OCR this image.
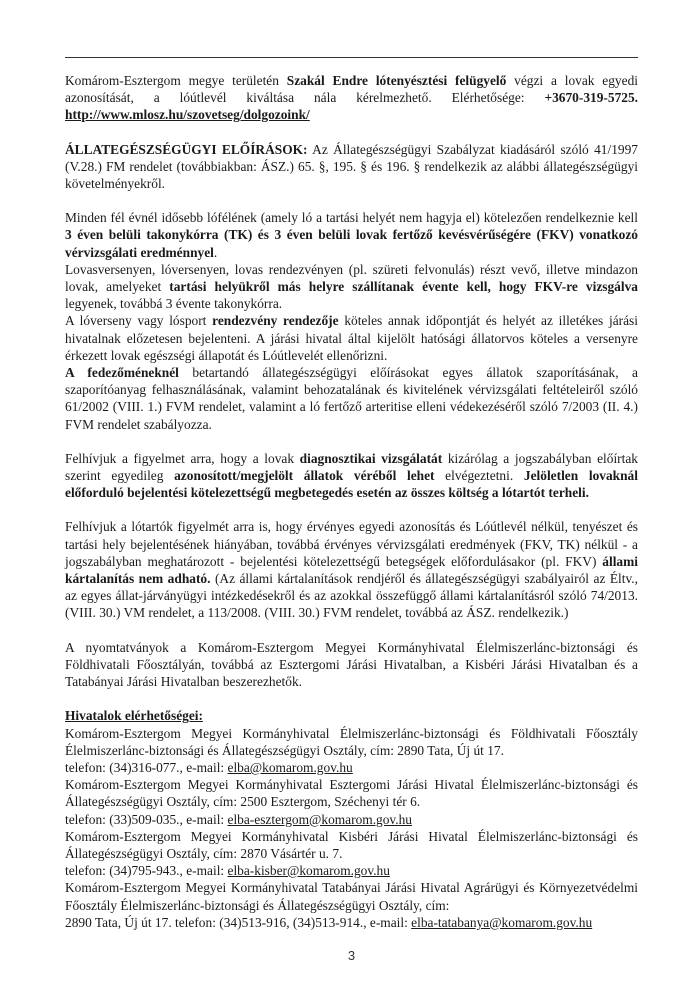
Komárom-Esztergom megye területén Szakál Endre lótenyésztési felügyelő végzi a lovak egyedi azonosítását, a lóútlevél kiváltása nála kérelmezhető. Elérhetősége: +3670-319-5725. http://www.mlosz.hu/szovetseg/dolgozoink/

ÁLLATEGÉSZSÉGÜGYI ELŐÍRÁSOK: Az Állategészségügyi Szabályzat kiadásáról szóló 41/1997 (V.28.) FM rendelet (továbbiakban: ÁSZ.) 65. §, 195. § és 196. § rendelkezik az alábbi állategészségügyi követelményekről.

Minden fél évnél idősebb lófélének (amely ló a tartási helyét nem hagyja el) kötelezően rendelkeznie kell 3 éven belüli takonykórra (TK) és 3 éven belüli lovak fertőző kevésvérűségére (FKV) vonatkozó vérvizsgálati eredménnyel.

Lovasversenyen, lóversenyen, lovas rendezvényen (pl. szüreti felvonulás) részt vevő, illetve mindazon lovak, amelyeket tartási helyükről más helyre szállítanak évente kell, hogy FKV-re vizsgálva legyenek, továbbá 3 évente takonykórra.

A lóverseny vagy lósport rendezvény rendezője köteles annak időpontját és helyét az illetékes járási hivatalnak előzetesen bejelenteni. A járási hivatal által kijelölt hatósági állatorvos köteles a versenyre érkezett lovak egészségi állapotát és Lóútlevelét ellenőrizni.

A fedezőméneknél betartandó állategészségügyi előírásokat egyes állatok szaporításának, a szaporítóanyag felhasználásának, valamint behozatalának és kivitelének vérvizsgálati feltételeiről szóló 61/2002 (VIII. 1.) FVM rendelet, valamint a ló fertőző arteritise elleni védekezéséről szóló 7/2003 (II. 4.) FVM rendelet szabályozza.

Felhívjuk a figyelmet arra, hogy a lovak diagnosztikai vizsgálatát kizárólag a jogszabályban előírtak szerint egyedileg azonosított/megjelölt állatok véréből lehet elvégeztetni. Jelöletlen lovaknál előforduló bejelentési kötelezettségű megbetegedés esetén az összes költség a lótartót terheli.

Felhívjuk a lótartók figyelmét arra is, hogy érvényes egyedi azonosítás és Lóútlevél nélkül, tenyészet és tartási hely bejelentésének hiányában, továbbá érvényes vérvizsgálati eredmények (FKV, TK) nélkül - a jogszabályban meghatározott - bejelentési kötelezettségű betegségek előfordulásakor (pl. FKV) állami kártalanítás nem adható. (Az állami kártalanítások rendjéről és állategészségügyi szabályairól az Éltv., az egyes állat-járványügyi intézkedésekről és az azokkal összefüggő állami kártalanításról szóló 74/2013. (VIII. 30.) VM rendelet, a 113/2008. (VIII. 30.) FVM rendelet, továbbá az ÁSZ. rendelkezik.)

A nyomtatványok a Komárom-Esztergom Megyei Kormányhivatal Élelmiszerlánc-biztonsági és Földhivatali Főosztályán, továbbá az Esztergomi Járási Hivatalban, a Kisbéri Járási Hivatalban és a Tatabányai Járási Hivatalban beszerezhetők.

Hivatalok elérhetőségei:
Komárom-Esztergom Megyei Kormányhivatal Élelmiszerlánc-biztonsági és Földhivatali Főosztály Élelmiszerlánc-biztonsági és Állategészségügyi Osztály, cím: 2890 Tata, Új út 17.
telefon: (34)316-077., e-mail: elba@komarom.gov.hu
Komárom-Esztergom Megyei Kormányhivatal Esztergomi Járási Hivatal Élelmiszerlánc-biztonsági és Állategészségügyi Osztály, cím: 2500 Esztergom, Széchenyi tér 6.
telefon: (33)509-035., e-mail: elba-esztergom@komarom.gov.hu
Komárom-Esztergom Megyei Kormányhivatal Kisbéri Járási Hivatal Élelmiszerlánc-biztonsági és Állategészségügyi Osztály, cím: 2870 Vásártér u. 7.
telefon: (34)795-943., e-mail: elba-kisber@komarom.gov.hu
Komárom-Esztergom Megyei Kormányhivatal Tatabányai Járási Hivatal Agrárügyi és Környezetvédelmi Főosztály Élelmiszerlánc-biztonsági és Állategészségügyi Osztály, cím:
2890 Tata, Új út 17. telefon: (34)513-916, (34)513-914., e-mail: elba-tatabanya@komarom.gov.hu
3
